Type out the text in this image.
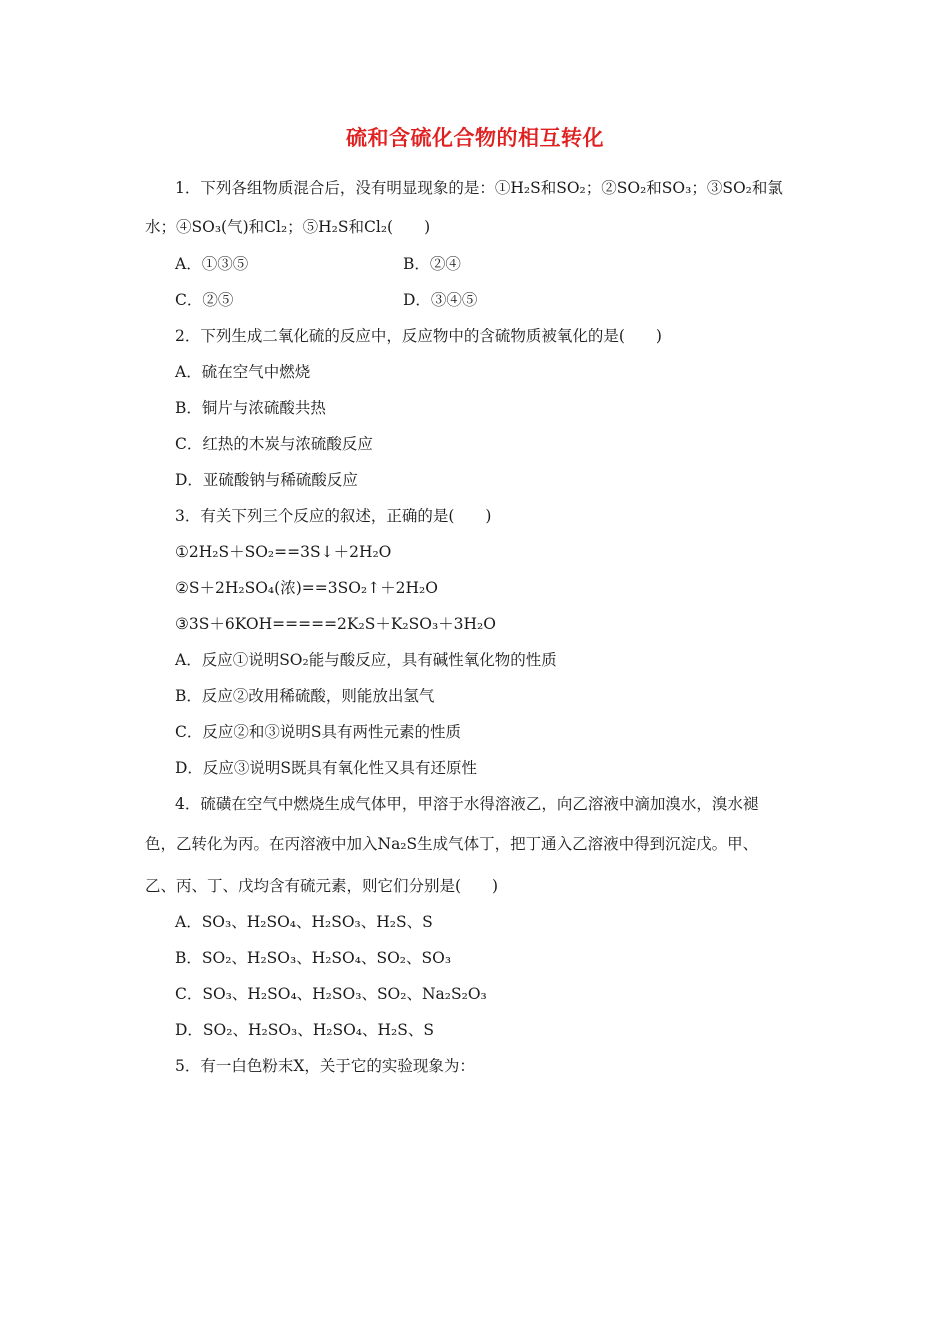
硫和含硫化合物的相互转化
1．下列各组物质混合后，没有明显现象的是：①H₂S和SO₂；②SO₂和SO₃；③SO₂和氯
水；④SO₃(气)和Cl₂；⑤H₂S和Cl₂(　　)
A．①③⑤	B．②④
C．②⑤	D．③④⑤
2．下列生成二氧化硫的反应中，反应物中的含硫物质被氧化的是(　　)
A．硫在空气中燃烧
B．铜片与浓硫酸共热
C．红热的木炭与浓硫酸反应
D．亚硫酸钠与稀硫酸反应
3．有关下列三个反应的叙述，正确的是(　　)
①2H₂S＋SO₂==3S↓＋2H₂O
②S＋2H₂SO₄(浓)==3SO₂↑＋2H₂O
③3S＋6KOH=====2K₂S＋K₂SO₃＋3H₂O
A．反应①说明SO₂能与酸反应，具有碱性氧化物的性质
B．反应②改用稀硫酸，则能放出氢气
C．反应②和③说明S具有两性元素的性质
D．反应③说明S既具有氧化性又具有还原性
4．硫磺在空气中燃烧生成气体甲，甲溶于水得溶液乙，向乙溶液中滴加溴水，溴水褪
色，乙转化为丙。在丙溶液中加入Na₂S生成气体丁，把丁通入乙溶液中得到沉淀戊。甲、
乙、丙、丁、戊均含有硫元素，则它们分别是(　　)
A．SO₃、H₂SO₄、H₂SO₃、H₂S、S
B．SO₂、H₂SO₃、H₂SO₄、SO₂、SO₃
C．SO₃、H₂SO₄、H₂SO₃、SO₂、Na₂S₂O₃
D．SO₂、H₂SO₃、H₂SO₄、H₂S、S
5．有一白色粉末X，关于它的实验现象为：
